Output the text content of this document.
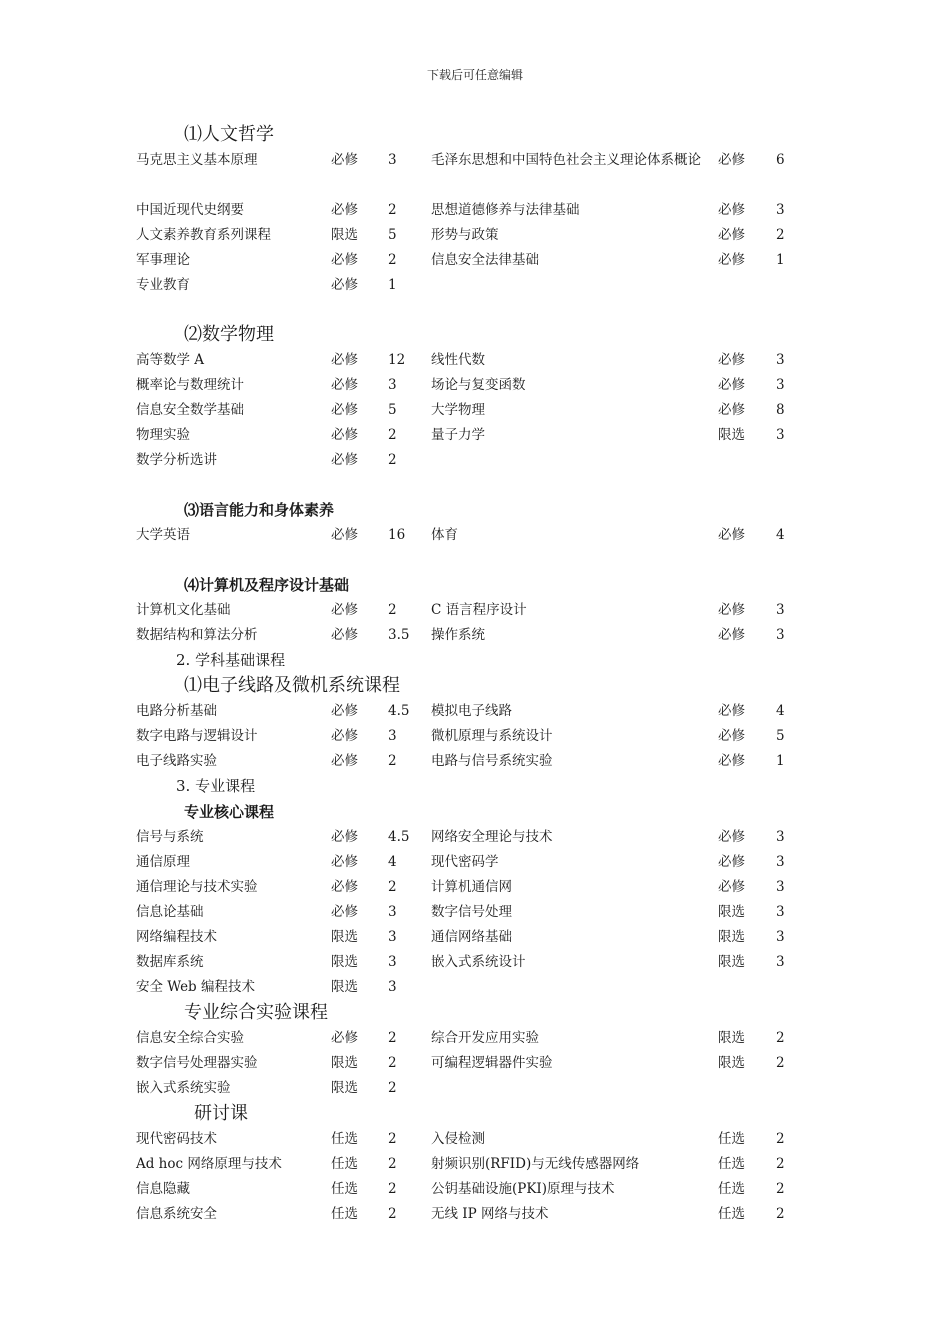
下载后可任意编辑
⑴人文哲学
马克思主义基本原理	必修 3	毛泽东思想和中国特色社会主义理论体系概论 必修 6
中国近现代史纲要	必修 2	思想道德修养与法律基础	必修 3
人文素养教育系列课程	限选 5	形势与政策	必修 2
军事理论	必修 2	信息安全法律基础	必修 1
专业教育	必修 1
⑵数学物理
高等数学 A	必修 12 线性代数	必修 3
概率论与数理统计	必修 3	场论与复变函数	必修 3
信息安全数学基础	必修 5	大学物理	必修 8
物理实验	必修 2	量子力学	限选 3
数学分析选讲	必修 2
⑶语言能力和身体素养
大学英语	必修 16 体育	必修 4
⑷计算机及程序设计基础
计算机文化基础	必修 2	C 语言程序设计	必修 3
数据结构和算法分析	必修 3.5 操作系统	必修 3
2. 学科基础课程
⑴电子线路及微机系统课程
电路分析基础	必修 4.5 模拟电子线路	必修 4
数字电路与逻辑设计	必修 3	微机原理与系统设计	必修 5
电子线路实验	必修 2	电路与信号系统实验	必修 1
3. 专业课程
专业核心课程
信号与系统	必修 4.5 网络安全理论与技术	必修 3
通信原理	必修 4	现代密码学	必修 3
通信理论与技术实验	必修 2	计算机通信网	必修 3
信息论基础	必修 3	数字信号处理	限选 3
网络编程技术	限选 3	通信网络基础	限选 3
数据库系统	限选 3	嵌入式系统设计	限选 3
安全 Web 编程技术	限选 3
专业综合实验课程
信息安全综合实验	必修 2	综合开发应用实验	限选 2
数字信号处理器实验	限选 2	可编程逻辑器件实验	限选 2
嵌入式系统实验	限选 2
研讨课
现代密码技术	任选 2	入侵检测	任选 2
Ad hoc 网络原理与技术	任选 2	射频识别(RFID)与无线传感器网络	任选 2
信息隐藏	任选 2	公钥基础设施(PKI)原理与技术	任选 2
信息系统安全	任选 2	无线 IP 网络与技术	任选 2
